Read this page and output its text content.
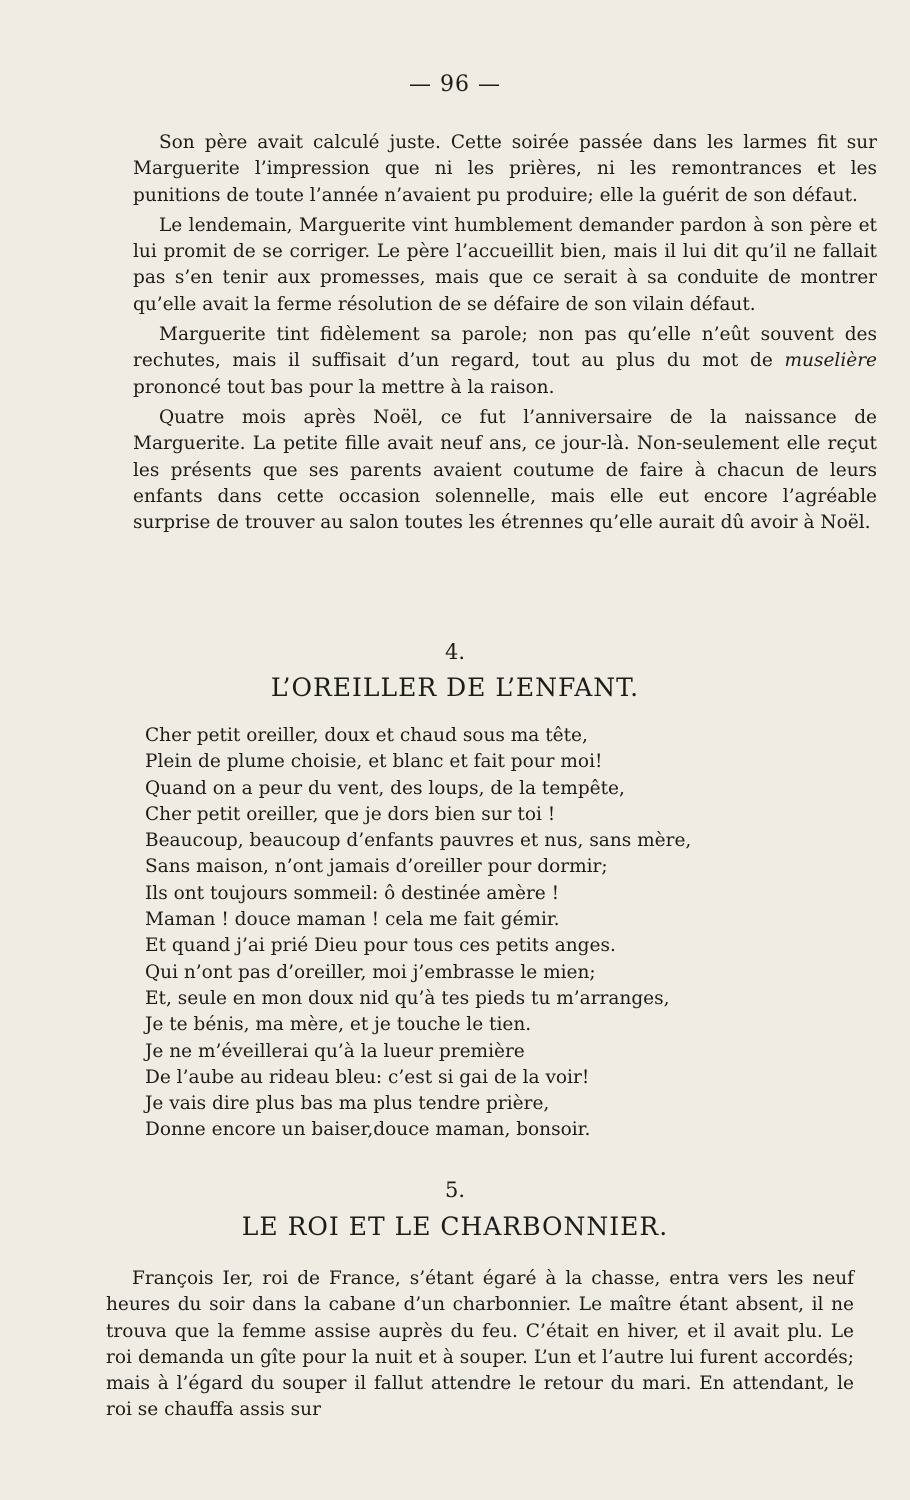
— 96 —

Son père avait calculé juste. Cette soirée passée dans les larmes fit sur Marguerite l’impression que ni les prières, ni les remontrances et les punitions de toute l’année n’avaient pu produire; elle la guérit de son défaut.

Le lendemain, Marguerite vint humblement demander pardon à son père et lui promit de se corriger. Le père l’accueillit bien, mais il lui dit qu’il ne fallait pas s’en tenir aux promesses, mais que ce serait à sa conduite de montrer qu’elle avait la ferme résolution de se défaire de son vilain défaut.

Marguerite tint fidèlement sa parole; non pas qu’elle n’eût souvent des rechutes, mais il suffisait d’un regard, tout au plus du mot de muselière prononcé tout bas pour la mettre à la raison.

Quatre mois après Noël, ce fut l’anniversaire de la naissance de Marguerite. La petite fille avait neuf ans, ce jour-là. Non-seulement elle reçut les présents que ses parents avaient coutume de faire à chacun de leurs enfants dans cette occasion solennelle, mais elle eut encore l’agréable surprise de trouver au salon toutes les étrennes qu’elle aurait dû avoir à Noël.

4.
L’OREILLER DE L’ENFANT.
Cher petit oreiller, doux et chaud sous ma tête,
Plein de plume choisie, et blanc et fait pour moi!
Quand on a peur du vent, des loups, de la tempête,
Cher petit oreiller, que je dors bien sur toi !
Beaucoup, beaucoup d’enfants pauvres et nus, sans mère,
Sans maison, n’ont jamais d’oreiller pour dormir;
Ils ont toujours sommeil: ô destinée amère !
Maman ! douce maman ! cela me fait gémir.
Et quand j’ai prié Dieu pour tous ces petits anges.
Qui n’ont pas d’oreiller, moi j’embrasse le mien;
Et, seule en mon doux nid qu’à tes pieds tu m’arranges,
Je te bénis, ma mère, et je touche le tien.
Je ne m’éveillerai qu’à la lueur première
De l’aube au rideau bleu: c’est si gai de la voir!
Je vais dire plus bas ma plus tendre prière,
Donne encore un baiser,douce maman, bonsoir.
5.
LE ROI ET LE CHARBONNIER.

François Ier, roi de France, s’étant égaré à la chasse, entra vers les neuf heures du soir dans la cabane d’un charbonnier. Le maître étant absent, il ne trouva que la femme assise auprès du feu. C’était en hiver, et il avait plu. Le roi demanda un gîte pour la nuit et à souper. L’un et l’autre lui furent accordés; mais à l’égard du souper il fallut attendre le retour du mari. En attendant, le roi se chauffa assis sur
